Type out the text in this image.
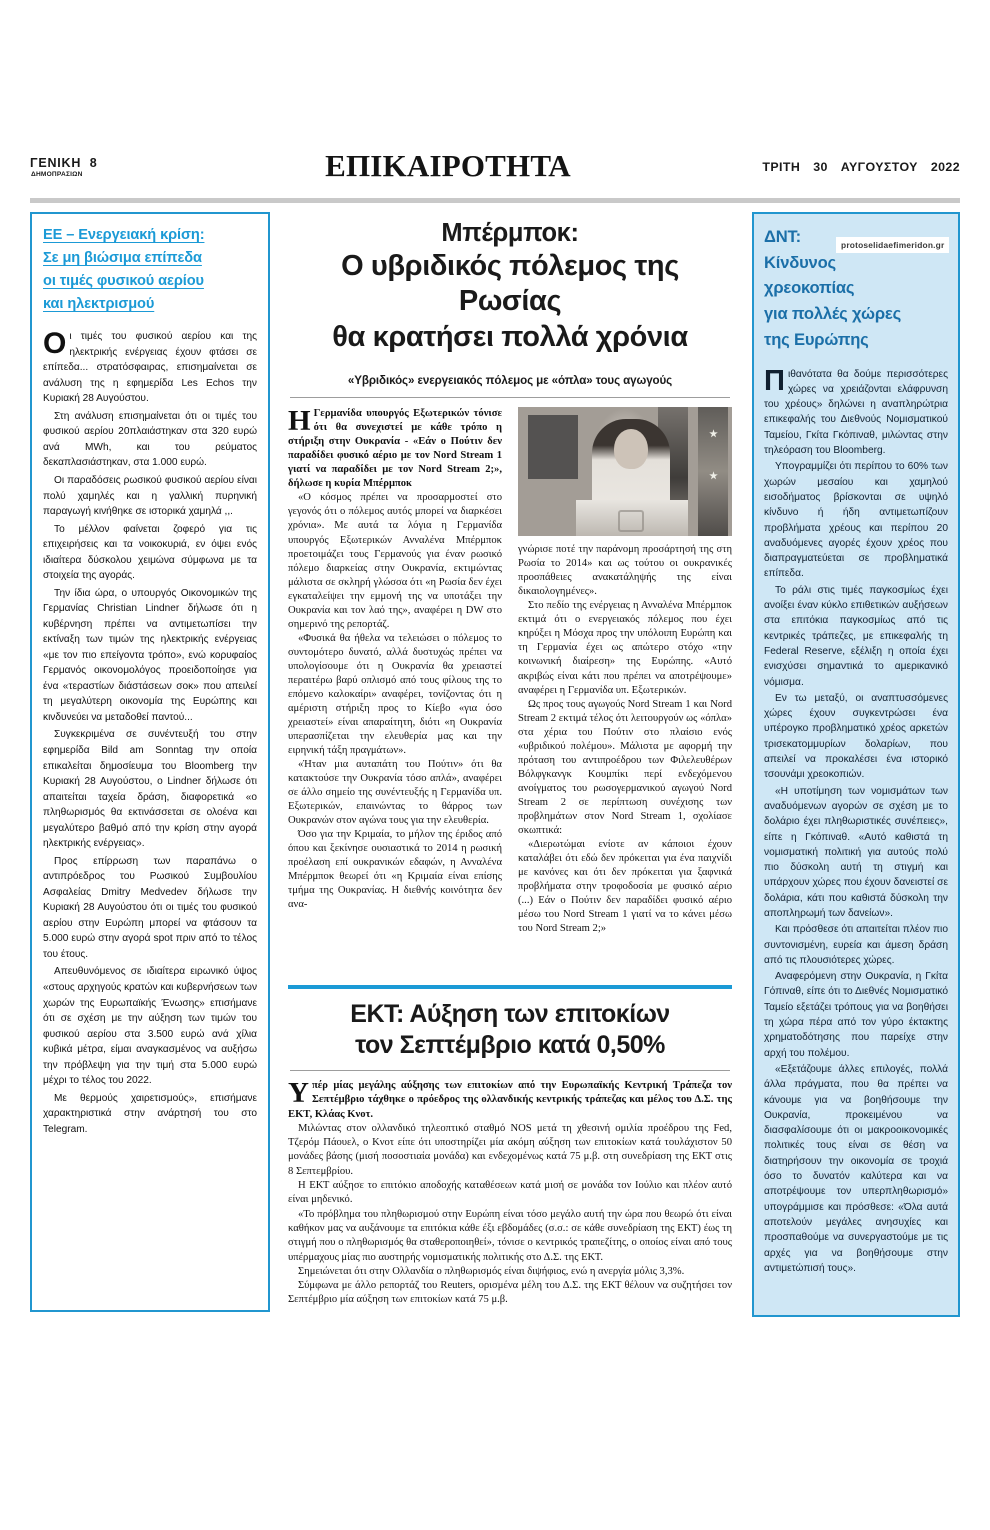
ΓΕΝΙΚΗ 8
ΔΗΜΟΠΡΑΣΙΩΝ	ΕΠΙΚΑΙΡΟΤΗΤΑ	ΤΡΙΤΗ 30 ΑΥΓΟΥΣΤΟΥ 2022
ΕΕ – Ενεργειακή κρίση:
Σε μη βιώσιμα επίπεδα
οι τιμές φυσικού αερίου
και ηλεκτρισμού

Οι τιμές του φυσικού αερίου και της ηλεκτρικής ενέργειας έχουν φτάσει σε επίπεδα... στρατόσφαιρας, επισημαίνεται σε ανάλυση της η εφημερίδα Les Echos την Κυριακή 28 Αυγούστου.

Στη ανάλυση επισημαίνεται ότι οι τιμές του φυσικού αερίου 20πλαιάστηκαν στα 320 ευρώ ανά MWh, και του ρεύματος δεκαπλασιάστηκαν, στα 1.000 ευρώ.

Οι παραδόσεις ρωσικού φυσικού αερίου είναι πολύ χαμηλές και η γαλλική πυρηνική παραγωγή κινήθηκε σε ιστορικά χαμηλά ,,.

Το μέλλον φαίνεται ζοφερό για τις επιχειρήσεις και τα νοικοκυριά, εν όψει ενός ιδιαίτερα δύσκολου χειμώνα σύμφωνα με τα στοιχεία της αγοράς.

Την ίδια ώρα, ο υπουργός Οικονομικών της Γερμανίας Christian Lindner δήλωσε ότι η κυβέρνηση πρέπει να αντιμετωπίσει την εκτίναξη των τιμών της ηλεκτρικής ενέργειας «με τον πιο επείγοντα τρόπο», ενώ κορυφαίος Γερμανός οικονομολόγος προειδοποίησε για ένα «τεραστίων διάστάσεων σοκ» που απειλεί τη μεγαλύτερη οικονομία της Ευρώπης και κινδυνεύει να μεταδοθεί παντού...

Συγκεκριμένα σε συνέντευξή του στην εφημερίδα Bild am Sonntag την οποία επικαλείται δημοσίευμα του Bloomberg την Κυριακή 28 Αυγούστου, ο Lindner δήλωσε ότι απαιτείται ταχεία δράση, διαφορετικά «ο πληθωρισμός θα εκτινάσσεται σε ολοένα και μεγαλύτερο βαθμό από την κρίση στην αγορά ηλεκτρικής ενέργειας».

Προς επίρρωση των παραπάνω ο αντιπρόεδρος του Ρωσικού Συμβουλίου Ασφαλείας Dmitry Medvedev δήλωσε την Κυριακή 28 Αυγούστου ότι οι τιμές του φυσικού αερίου στην Ευρώπη μπορεί να φτάσουν τα 5.000 ευρώ στην αγορά spot πριν από το τέλος του έτους.

Απευθυνόμενος σε ιδιαίτερα ειρωνικό ύψος «στους αρχηγούς κρατών και κυβερνήσεων των χωρών της Ευρωπαϊκής Ένωσης» επισήμανε ότι σε σχέση με την αύξηση των τιμών του φυσικού αερίου στα 3.500 ευρώ ανά χίλια κυβικά μέτρα, είμαι αναγκασμένος να αυξήσω την πρόβλεψη για την τιμή στα 5.000 ευρώ μέχρι το τέλος του 2022.

Με θερμούς χαιρετισμούς», επισήμανε χαρακτηριστικά στην ανάρτησή του στο Telegram.

Μπέρμποκ:
Ο υβριδικός πόλεμος της Ρωσίας
θα κρατήσει πολλά χρόνια
«Υβριδικός» ενεργειακός πόλεμος με «όπλα» τους αγωγούς

Η Γερμανίδα υπουργός Εξωτερικών τόνισε ότι θα συνεχιστεί με κάθε τρόπο η στήριξη στην Ουκρανία - «Εάν ο Πούτιν δεν παραδίδει φυσικό αέριο με τον Nord Stream 1 γιατί να παραδίδει με τον Nord Stream 2;», δήλωσε η κυρία Μπέρμποκ

«Ο κόσμος πρέπει να προσαρμοστεί στο γεγονός ότι ο πόλεμος αυτός μπορεί να διαρκέσει χρόνια». Με αυτά τα λόγια η Γερμανίδα υπουργός Εξωτερικών Ανναλένα Μπέρμποκ προετοιμάζει τους Γερμανούς για έναν ρωσικό πόλεμο διαρκείας στην Ουκρανία, εκτιμώντας μάλιστα σε σκληρή γλώσσα ότι «η Ρωσία δεν έχει εγκαταλείψει την εμμονή της να υποτάξει την Ουκρανία και τον λαό της», αναφέρει η DW στο σημερινό της ρεπορτάζ.

«Φυσικά θα ήθελα να τελειώσει ο πόλεμος το συντομότερο δυνατό, αλλά δυστυχώς πρέπει να υπολογίσουμε ότι η Ουκρανία θα χρειαστεί περαιτέρω βαρύ οπλισμό από τους φίλους της το επόμενο καλοκαίρι» αναφέρει, τονίζοντας ότι η αμέριστη στήριξη προς το Κίεβο «για όσο χρειαστεί» είναι απαραίτητη, διότι «η Ουκρανία υπερασπίζεται την ελευθερία μας και την ειρηνική τάξη πραγμάτων».

«Ήταν μια αυταπάτη του Πούτιν» ότι θα κατακτούσε την Ουκρανία τόσο απλά», αναφέρει σε άλλο σημείο της συνέντευξής η Γερμανίδα υπ. Εξωτερικών, επαινώντας το θάρρος των Ουκρανών στον αγώνα τους για την ελευθερία.

Όσο για την Κριμαία, το μήλον της έριδος από όπου και ξεκίνησε ουσιαστικά το 2014 η ρωσική προέλαση επί ουκρανικών εδαφών, η Ανναλένα Μπέρμποκ θεωρεί ότι «η Κριμαία είναι επίσης τμήμα της Ουκρανίας. Η διεθνής κοινότητα δεν ανα-

γνώρισε ποτέ την παράνομη προσάρτησή της στη Ρωσία το 2014» και ως τούτου οι ουκρανικές προσπάθειες ανακατάληψής της είναι δικαιολογημένες».

Στο πεδίο της ενέργειας η Ανναλένα Μπέρμποκ εκτιμά ότι ο ενεργειακός πόλεμος που έχει κηρύξει η Μόσχα προς την υπόλοιπη Ευρώπη και τη Γερμανία έχει ως απώτερο στόχο «την κοινωνική διαίρεση» της Ευρώπης. «Αυτό ακριβώς είναι κάτι που πρέπει να αποτρέψουμε» αναφέρει η Γερμανίδα υπ. Εξωτερικών.

Ως προς τους αγωγούς Nord Stream 1 και Nord Stream 2 εκτιμά τέλος ότι λειτουργούν ως «όπλα» στα χέρια του Πούτιν στο πλαίσιο ενός «υβριδικού πολέμου». Μάλιστα με αφορμή την πρόταση του αντιπροέδρου των Φιλελευθέρων Βόλφγκανγκ Κουμπίκι περί ενδεχόμενου ανοίγματος του ρωσογερμανικού αγωγού Nord Stream 2 σε περίπτωση συνέχισης των προβλημάτων στον Nord Stream 1, σχολίασε σκωπτικά:

«Διερωτώμαι ενίοτε αν κάποιοι έχουν καταλάβει ότι εδώ δεν πρόκειται για ένα παιχνίδι με κανόνες και ότι δεν πρόκειται για ξαφνικά προβλήματα στην τροφοδοσία με φυσικό αέριο (...) Εάν ο Πούτιν δεν παραδίδει φυσικό αέριο μέσω του Nord Stream 1 γιατί να το κάνει μέσω του Nord Stream 2;»

ΕΚΤ: Αύξηση των επιτοκίων
τον Σεπτέμβριο κατά 0,50%

Υπέρ μίας μεγάλης αύξησης των επιτοκίων από την Ευρωπαϊκής Κεντρική Τράπεζα τον Σεπτέμβριο τάχθηκε ο πρόεδρος της ολλανδικής κεντρικής τράπεζας και μέλος του Δ.Σ. της ΕΚΤ, Κλάας Κνοτ.

Μιλώντας στον ολλανδικό τηλεοπτικό σταθμό NOS μετά τη χθεσινή ομιλία προέδρου της Fed, Τζερόμ Πάουελ, ο Κνοτ είπε ότι υποστηρίζει μία ακόμη αύξηση των επιτοκίων κατά τουλάχιστον 50 μονάδες βάσης (μισή ποσοστιαία μονάδα) και ενδεχομένως κατά 75 μ.β. στη συνεδρίαση της ΕΚΤ στις 8 Σεπτεμβρίου.

Η ΕΚΤ αύξησε το επιτόκιο αποδοχής καταθέσεων κατά μισή σε μονάδα τον Ιούλιο και πλέον αυτό είναι μηδενικό.

«Το πρόβλημα του πληθωρισμού στην Ευρώπη είναι τόσο μεγάλο αυτή την ώρα που θεωρώ ότι είναι καθήκον μας να αυξάνουμε τα επιτόκια κάθε έξι εβδομάδες (σ.σ.: σε κάθε συνεδρίαση της ΕΚΤ) έως τη στιγμή που ο πληθωρισμός θα σταθεροποιηθεί», τόνισε ο κεντρικός τραπεζίτης, ο οποίος είναι από τους υπέρμαχους μίας πιο αυστηρής νομισματικής πολιτικής στο Δ.Σ. της ΕΚΤ.

Σημειώνεται ότι στην Ολλανδία ο πληθωρισμός είναι διψήφιος, ενώ η ανεργία μόλις 3,3%.

Σύμφωνα με άλλο ρεπορτάζ του Reuters, ορισμένα μέλη του Δ.Σ. της ΕΚΤ θέλουν να συζητήσει τον Σεπτέμβριο μία αύξηση των επιτοκίων κατά 75 μ.β.

ΔΝΤ:
Κίνδυνος
χρεοκοπίας
για πολλές χώρες
της Ευρώπης

Πιθανότατα θα δούμε περισσότερες χώρες να χρειάζονται ελάφρυνση του χρέους» δηλώνει η αναπληρώτρια επικεφαλής του Διεθνούς Νομισματικού Ταμείου, Γκίτα Γκόπιναθ, μιλώντας στην τηλεόραση του Bloomberg.

Υπογραμμίζει ότι περίπου το 60% των χωρών μεσαίου και χαμηλού εισοδήματος βρίσκονται σε υψηλό κίνδυνο ή ήδη αντιμετωπίζουν προβλήματα χρέους και περίπου 20 αναδυόμενες αγορές έχουν χρέος που διαπραγματεύεται σε προβληματικά επίπεδα.

Το ράλι στις τιμές παγκοσμίως έχει ανοίξει έναν κύκλο επιθετικών αυξήσεων στα επιτόκια παγκοσμίως από τις κεντρικές τράπεζες, με επικεφαλής τη Federal Reserve, εξέλιξη η οποία έχει ενισχύσει σημαντικά το αμερικανικό νόμισμα.

Εν τω μεταξύ, οι αναπτυσσόμενες χώρες έχουν συγκεντρώσει ένα υπέρογκο προβληματικό χρέος αρκετών τρισεκατομμυρίων δολαρίων, που απειλεί να προκαλέσει ένα ιστορικό τσουνάμι χρεοκοπιών.

«Η υποτίμηση των νομισμάτων των αναδυόμενων αγορών σε σχέση με το δολάριο έχει πληθωριστικές συνέπειες», είπε η Γκόπιναθ. «Αυτό καθιστά τη νομισματική πολιτική για αυτούς πολύ πιο δύσκολη αυτή τη στιγμή και υπάρχουν χώρες που έχουν δανειστεί σε δολάρια, κάτι που καθιστά δύσκολη την αποπληρωμή των δανείων».

Και πρόσθεσε ότι απαιτείται πλέον πιο συντονισμένη, ευρεία και άμεση δράση από τις πλουσιότερες χώρες.

Αναφερόμενη στην Ουκρανία, η Γκίτα Γόπιναθ, είπε ότι το Διεθνές Νομισματικό Ταμείο εξετάζει τρόπους για να βοηθήσει τη χώρα πέρα από τον γύρο έκτακτης χρηματοδότησης που παρείχε στην αρχή του πολέμου.

«Εξετάζουμε άλλες επιλογές, πολλά άλλα πράγματα, που θα πρέπει να κάνουμε για να βοηθήσουμε την Ουκρανία, προκειμένου να διασφαλίσουμε ότι οι μακροοικονομικές πολιτικές τους είναι σε θέση να διατηρήσουν την οικονομία σε τροχιά όσο το δυνατόν καλύτερα και να αποτρέψουμε τον υπερπληθωρισμό» υπογράμμισε και πρόσθεσε: «Όλα αυτά αποτελούν μεγάλες ανησυχίες και προσπαθούμε να συνεργαστούμε με τις αρχές για να βοηθήσουμε στην αντιμετώπισή τους».

protoselidaefimeridon.gr
